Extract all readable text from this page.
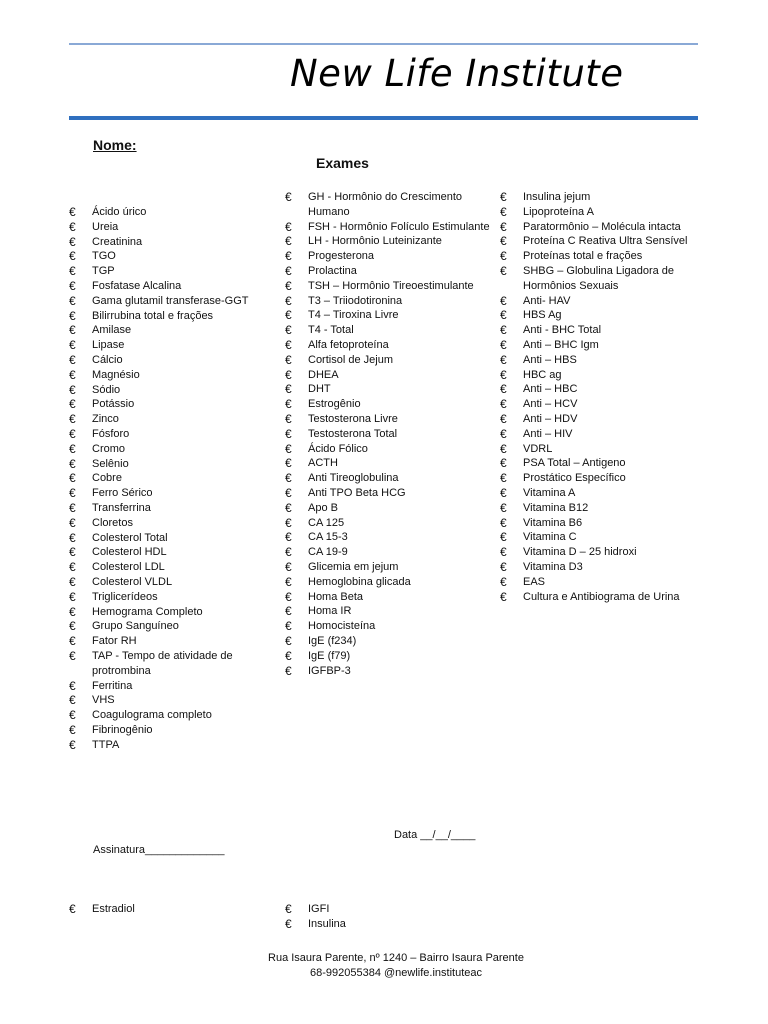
New Life Institute
Nome:
Exames
€ Ácido úrico
€ Ureia
€ Creatinina
€ TGO
€ TGP
€ Fosfatase Alcalina
€ Gama glutamil transferase-GGT
€ Bilirrubina total e frações
€ Amilase
€ Lipase
€ Cálcio
€ Magnésio
€ Sódio
€ Potássio
€ Zinco
€ Fósforo
€ Cromo
€ Selênio
€ Cobre
€ Ferro Sérico
€ Transferrina
€ Cloretos
€ Colesterol Total
€ Colesterol HDL
€ Colesterol LDL
€ Colesterol VLDL
€ Triglicerídeos
€ Hemograma Completo
€ Grupo Sanguíneo
€ Fator RH
€ TAP - Tempo de atividade de protrombina
€ Ferritina
€ VHS
€ Coagulograma completo
€ Fibrinogênio
€ TTPA
€ GH - Hormônio do Crescimento Humano
€ FSH - Hormônio Folículo Estimulante
€ LH - Hormônio Luteinizante
€ Progesterona
€ Prolactina
€ TSH – Hormônio Tireoestimulante
€ T3 – Triiodotironina
€ T4 – Tiroxina Livre
€ T4 - Total
€ Alfa fetoproteína
€ Cortisol de Jejum
€ DHEA
€ DHT
€ Estrogênio
€ Testosterona Livre
€ Testosterona Total
€ Ácido Fólico
€ ACTH
€ Anti Tireoglobulina
€ Anti TPO Beta HCG
€ Apo B
€ CA 125
€ CA 15-3
€ CA 19-9
€ Glicemia em jejum
€ Hemoglobina glicada
€ Homa Beta
€ Homa IR
€ Homocisteína
€ IgE (f234)
€ IgE (f79)
€ IGFBP-3
€ Insulina jejum
€ Lipoproteína A
€ Paratormônio – Molécula intacta
€ Proteína C Reativa Ultra Sensível
€ Proteínas total e frações
€ SHBG – Globulina Ligadora de Hormônios Sexuais
€ Anti- HAV
€ HBS Ag
€ Anti - BHC Total
€ Anti – BHC Igm
€ Anti – HBS
€ HBC ag
€ Anti – HBC
€ Anti – HCV
€ Anti – HDV
€ Anti – HIV
€ VDRL
€ PSA Total – Antigeno
€ Prostático Específico
€ Vitamina A
€ Vitamina B12
€ Vitamina B6
€ Vitamina C
€ Vitamina D – 25 hidroxi
€ Vitamina D3
€ EAS
€ Cultura e Antibiograma de Urina
Data __/__/____
Assinatura_____________
€ Estradiol	€ IGFI
€ Insulina
Rua Isaura Parente, nº 1240 – Bairro Isaura Parente
68-992055384 @newlife.instituteac
